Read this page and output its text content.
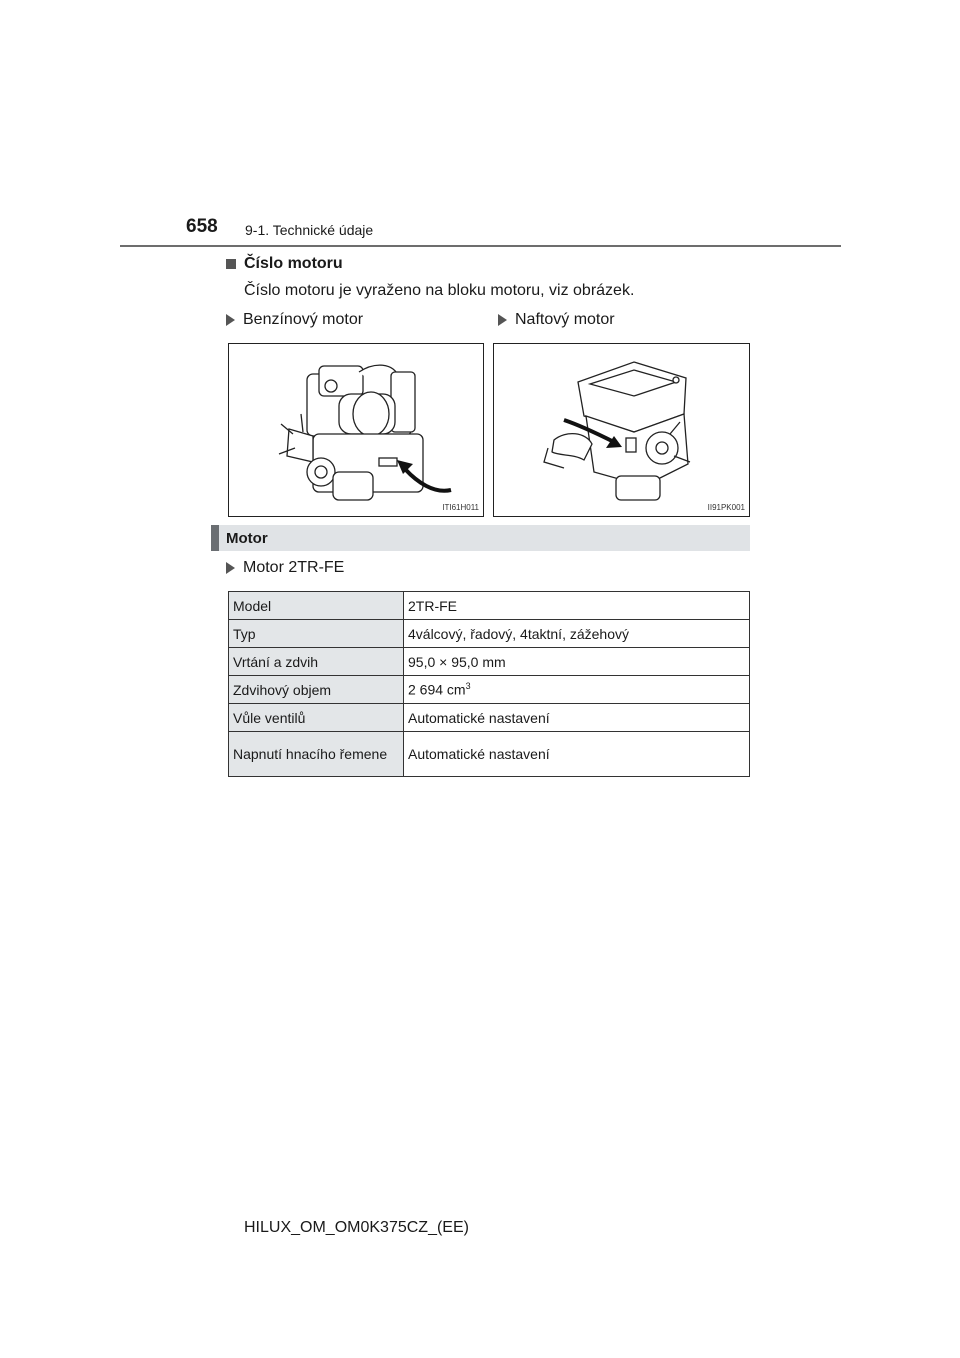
658 9-1. Technické údaje
Číslo motoru
Číslo motoru je vyraženo na bloku motoru, viz obrázek.
Benzínový motor	Naftový motor
ITI61H011	II91PK001
Motor
Motor 2TR-FE
Model	2TR-FE
Typ	4válcový, řadový, 4taktní, zážehový
Vrtání a zdvih	95,0 × 95,0 mm
Zdvihový objem	2 694 $cm^3$
Vůle ventilů	Automatické nastavení
Napnutí hnacího řemene	Automatické nastavení
HILUX_OM_OM0K375CZ_(EE)
